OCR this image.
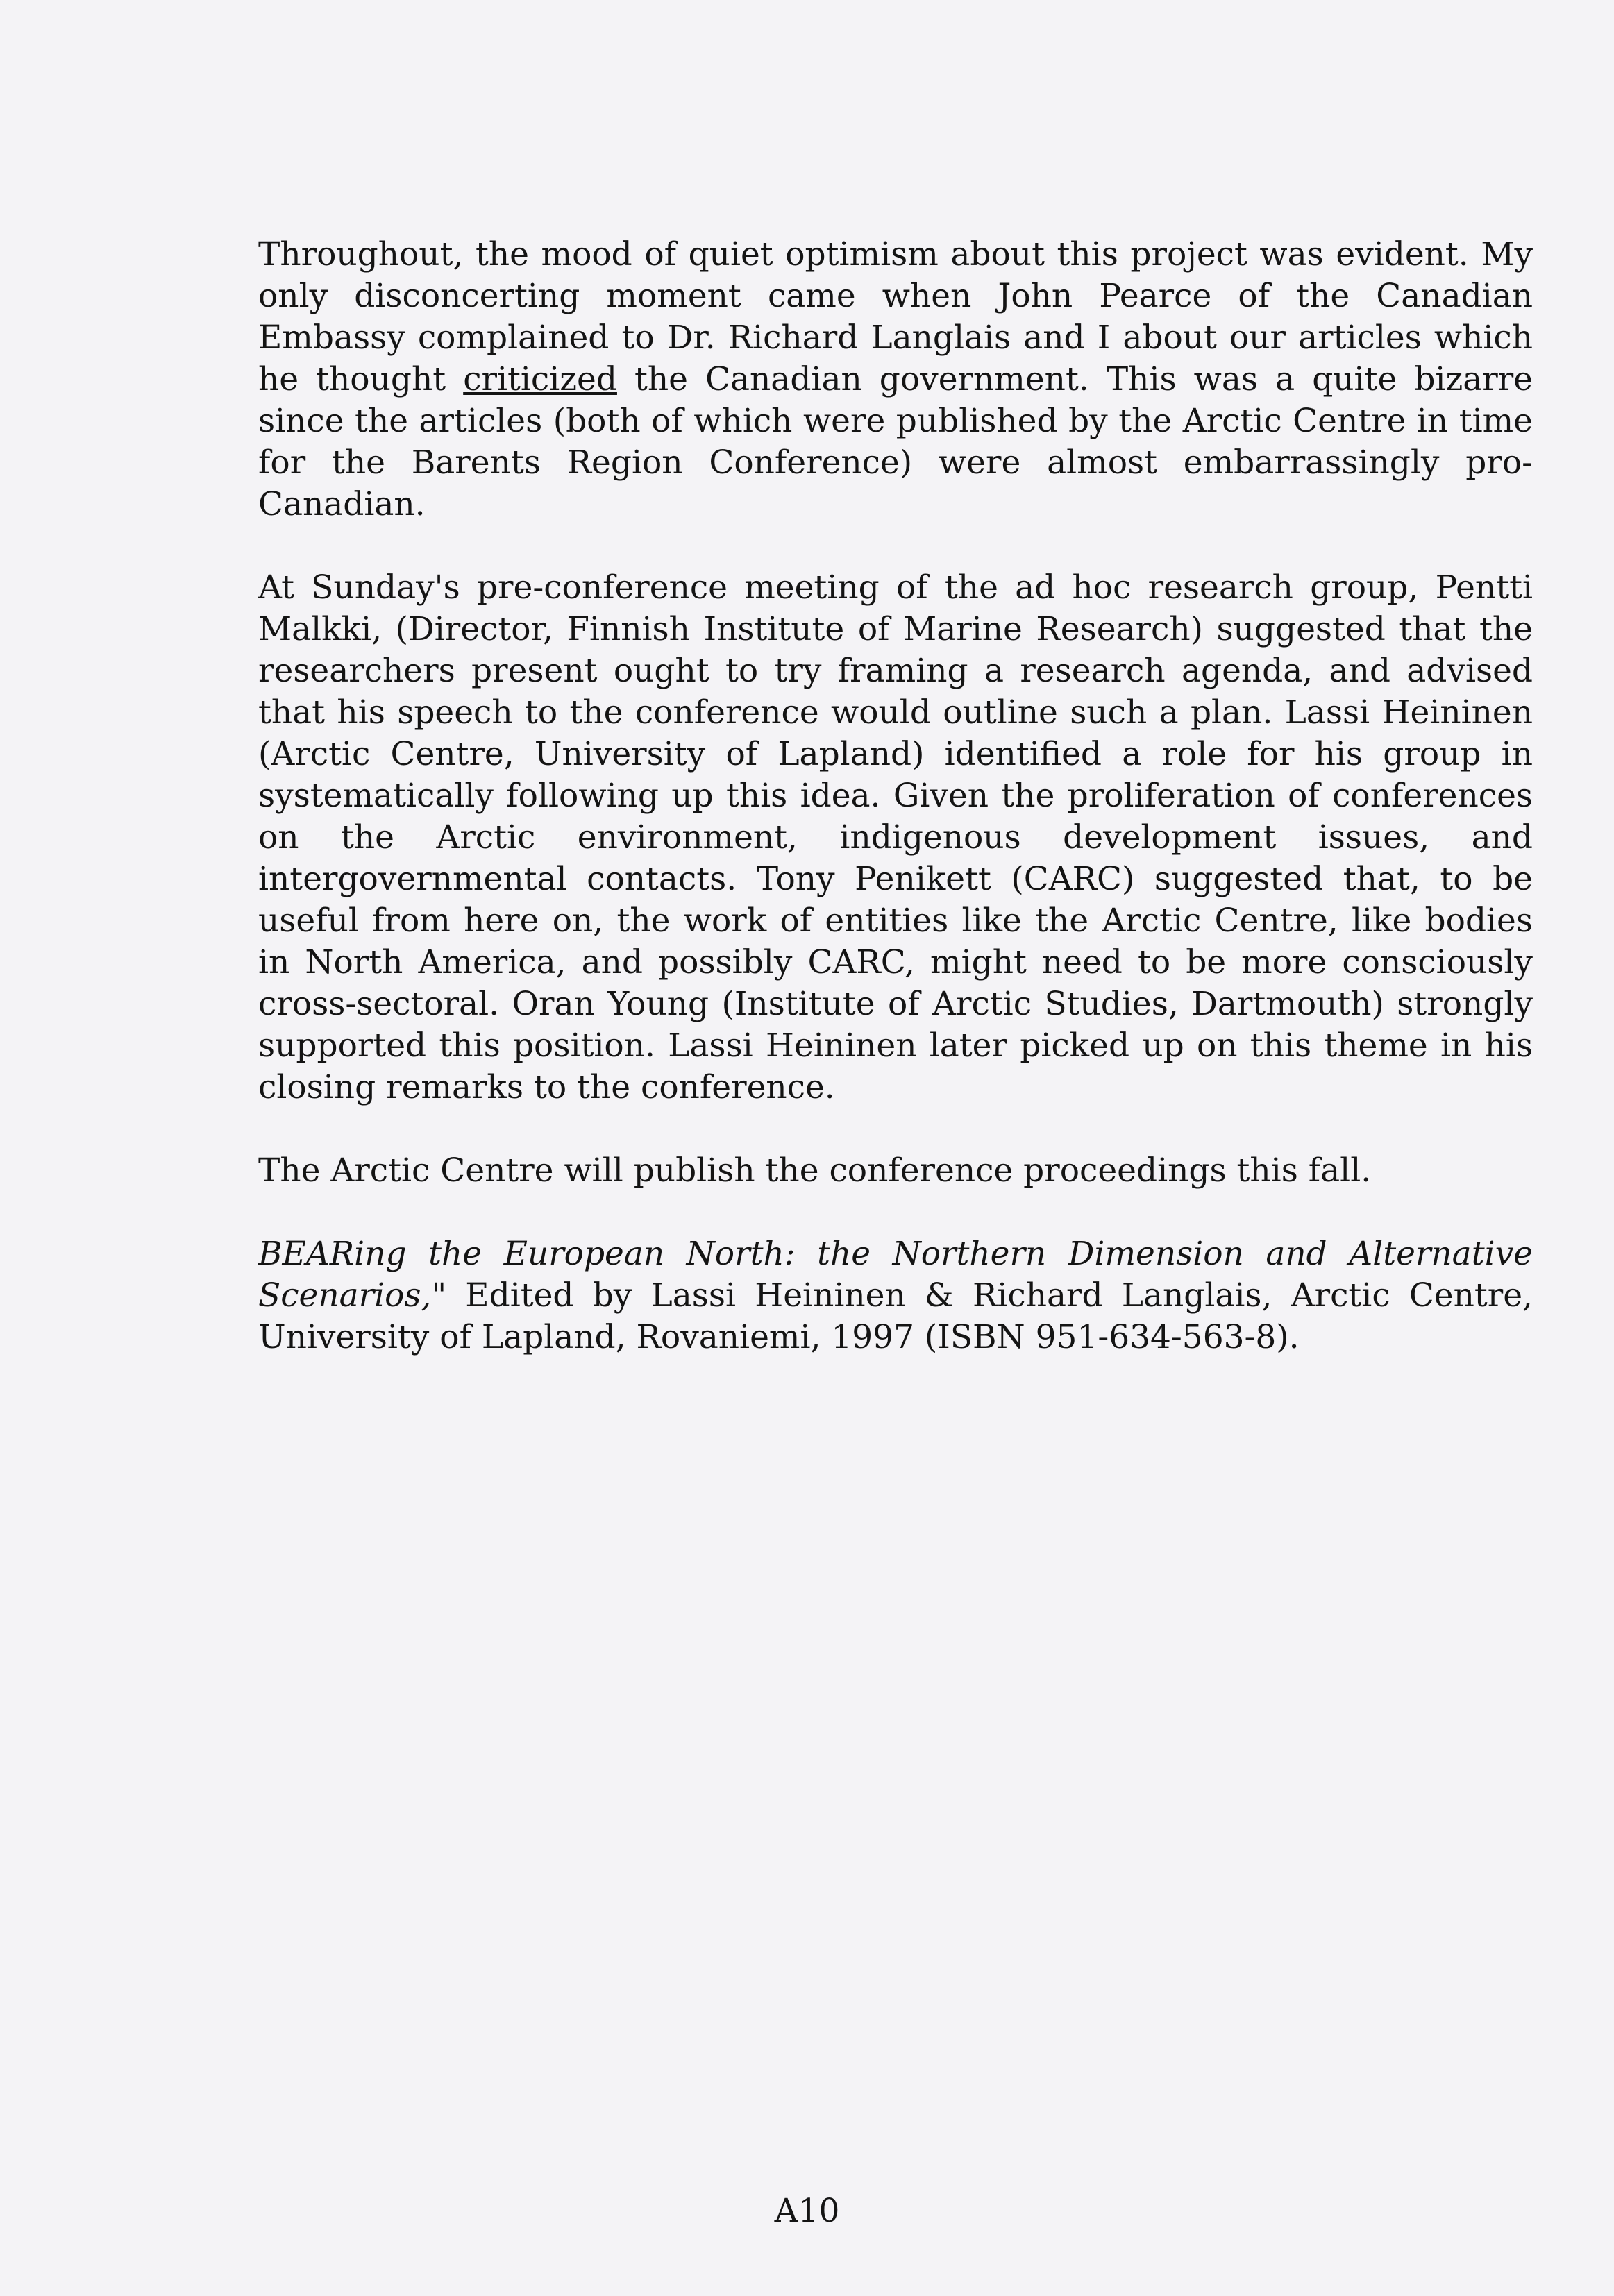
Throughout, the mood of quiet optimism about this project was evident. My only disconcerting moment came when John Pearce of the Canadian Embassy complained to Dr. Richard Langlais and I about our articles which he thought criticized the Canadian government. This was a quite bizarre since the articles (both of which were published by the Arctic Centre in time for the Barents Region Conference) were almost embarrassingly pro-Canadian.

At Sunday's pre-conference meeting of the ad hoc research group, Pentti Malkki, (Director, Finnish Institute of Marine Research) suggested that the researchers present ought to try framing a research agenda, and advised that his speech to the conference would outline such a plan. Lassi Heininen (Arctic Centre, University of Lapland) identified a role for his group in systematically following up this idea. Given the proliferation of conferences on the Arctic environment, indigenous development issues, and intergovernmental contacts. Tony Penikett (CARC) suggested that, to be useful from here on, the work of entities like the Arctic Centre, like bodies in North America, and possibly CARC, might need to be more consciously cross-sectoral. Oran Young (Institute of Arctic Studies, Dartmouth) strongly supported this position. Lassi Heininen later picked up on this theme in his closing remarks to the conference.

The Arctic Centre will publish the conference proceedings this fall.

BEARing the European North: the Northern Dimension and Alternative Scenarios," Edited by Lassi Heininen & Richard Langlais, Arctic Centre, University of Lapland, Rovaniemi, 1997 (ISBN 951-634-563-8).

A10
